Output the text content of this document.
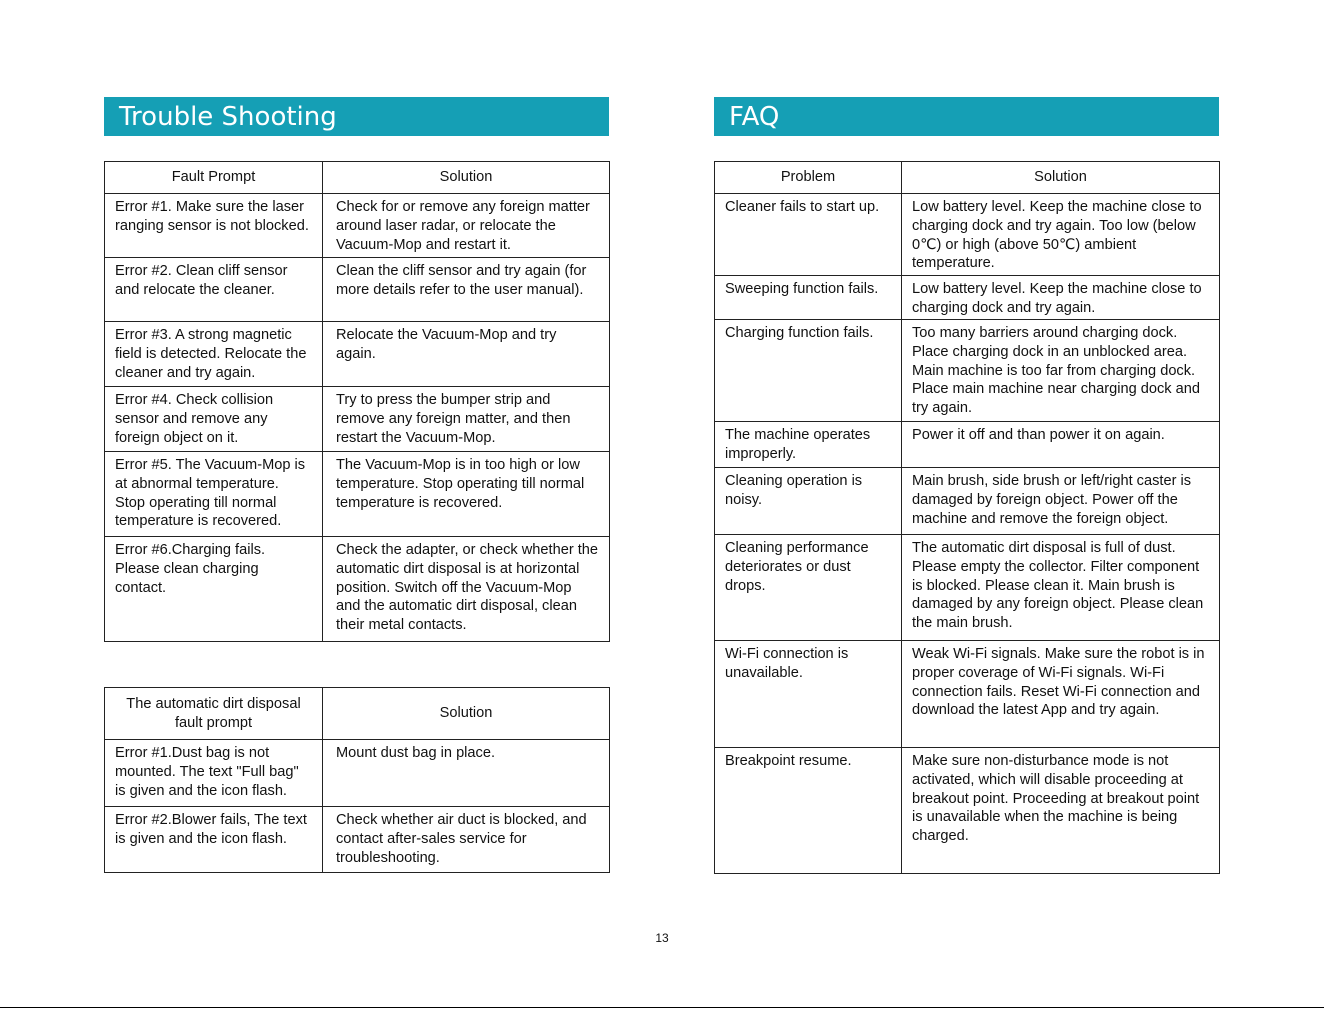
Trouble Shooting	FAQ
Fault Prompt	Solution
Error #1. Make sure the laser ranging sensor is not blocked.	Check for or remove any foreign matter around laser radar, or relocate the Vacuum-Mop and restart it.
Error #2. Clean cliff sensor and relocate the cleaner.	Clean the cliff sensor and try again (for more details refer to the user manual).
Error #3. A strong magnetic field is detected. Relocate the cleaner and try again.	Relocate the Vacuum-Mop and try again.
Error #4. Check collision sensor and remove any foreign object on it.	Try to press the bumper strip and remove any foreign matter, and then restart the Vacuum-Mop.
Error #5. The Vacuum-Mop is at abnormal temperature. Stop operating till normal temperature is recovered.	The Vacuum-Mop is in too high or low temperature. Stop operating till normal temperature is recovered.
Error #6.Charging fails. Please clean charging contact.	Check the adapter, or check whether the automatic dirt disposal is at horizontal position. Switch off the Vacuum-Mop and the automatic dirt disposal, clean their metal contacts.
The automatic dirt disposal fault prompt	Solution
Error #1.Dust bag is not mounted. The text "Full bag" is given and the icon flash.	Mount dust bag in place.
Error #2.Blower fails, The text is given and the icon flash.	Check whether air duct is blocked, and contact after-sales service for troubleshooting.
Problem	Solution
Cleaner fails to start up.	Low battery level. Keep the machine close to charging dock and try again. Too low (below 0℃) or high (above 50℃) ambient temperature.
Sweeping function fails.	Low battery level. Keep the machine close to charging dock and try again.
Charging function fails.	Too many barriers around charging dock. Place charging dock in an unblocked area. Main machine is too far from charging dock. Place main machine near charging dock and try again.
The machine operates improperly.	Power it off and than power it on again.
Cleaning operation is noisy.	Main brush, side brush or left/right caster is damaged by foreign object. Power off the machine and remove the foreign object.
Cleaning performance deteriorates or dust drops.	The automatic dirt disposal is full of dust. Please empty the collector. Filter component is blocked. Please clean it. Main brush is damaged by any foreign object. Please clean the main brush.
Wi-Fi connection is unavailable.	Weak Wi-Fi signals. Make sure the robot is in proper coverage of Wi-Fi signals. Wi-Fi connection fails. Reset Wi-Fi connection and download the latest App and try again.
Breakpoint resume.	Make sure non-disturbance mode is not activated, which will disable proceeding at breakout point. Proceeding at breakout point is unavailable when the machine is being charged.
13
